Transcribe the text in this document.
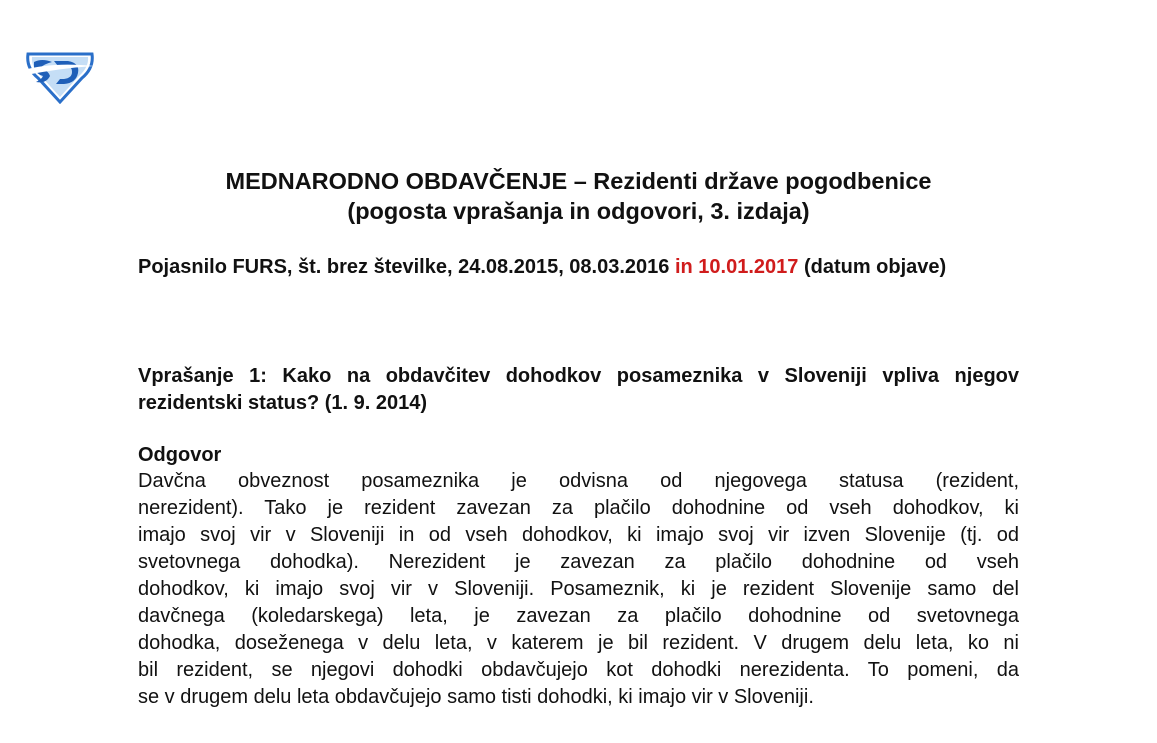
MEDNARODNO OBDAVČENJE – Rezidenti države pogodbenice
(pogosta vprašanja in odgovori, 3. izdaja)
Pojasnilo FURS, št. brez številke, 24.08.2015, 08.03.2016 in 10.01.2017 (datum objave)
Vprašanje 1: Kako na obdavčitev dohodkov posameznika v Sloveniji vpliva njegov rezidentski status? (1. 9. 2014)
Odgovor
Davčna obveznost posameznika je odvisna od njegovega statusa (rezident,
nerezident). Tako je rezident zavezan za plačilo dohodnine od vseh dohodkov, ki
imajo svoj vir v Sloveniji in od vseh dohodkov, ki imajo svoj vir izven Slovenije (tj. od
svetovnega dohodka). Nerezident je zavezan za plačilo dohodnine od vseh
dohodkov, ki imajo svoj vir v Sloveniji. Posameznik, ki je rezident Slovenije samo del
davčnega (koledarskega) leta, je zavezan za plačilo dohodnine od svetovnega
dohodka, doseženega v delu leta, v katerem je bil rezident. V drugem delu leta, ko ni
bil rezident, se njegovi dohodki obdavčujejo kot dohodki nerezidenta. To pomeni, da
se v drugem delu leta obdavčujejo samo tisti dohodki, ki imajo vir v Sloveniji.
